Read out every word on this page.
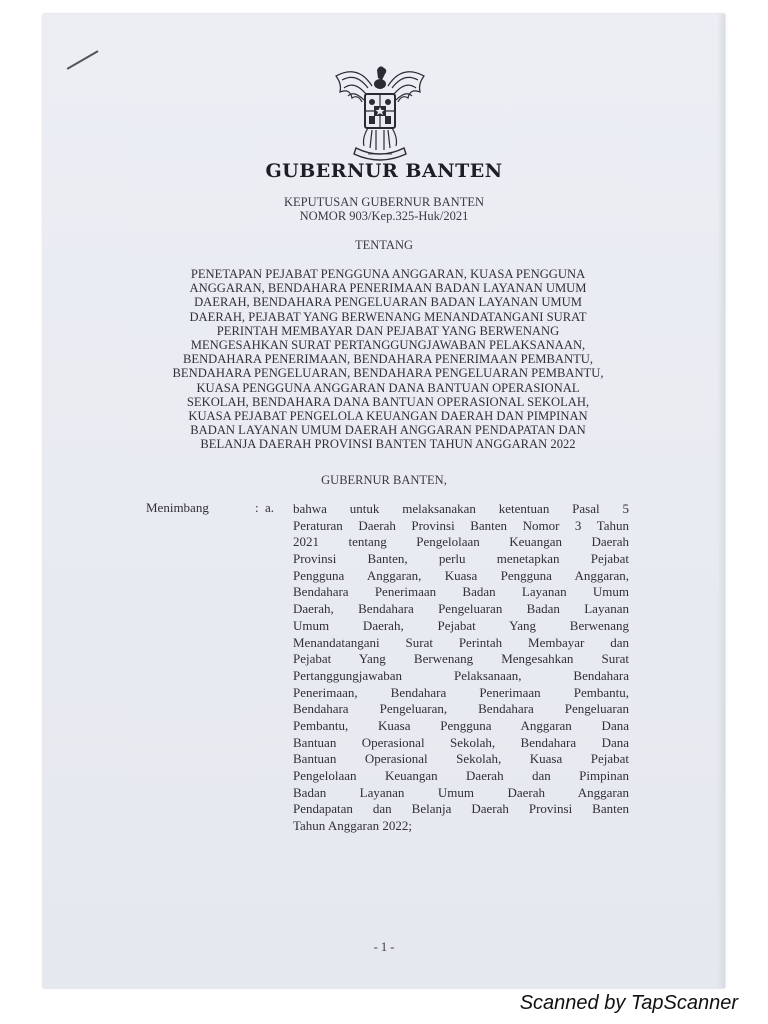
GUBERNUR BANTEN
KEPUTUSAN GUBERNUR BANTEN
NOMOR 903/Kep.325-Huk/2021
TENTANG
PENETAPAN PEJABAT PENGGUNA ANGGARAN, KUASA PENGGUNA
ANGGARAN, BENDAHARA PENERIMAAN BADAN LAYANAN UMUM
DAERAH, BENDAHARA PENGELUARAN BADAN LAYANAN UMUM
DAERAH, PEJABAT YANG BERWENANG MENANDATANGANI SURAT
PERINTAH MEMBAYAR DAN PEJABAT YANG BERWENANG
MENGESAHKAN SURAT PERTANGGUNGJAWABAN PELAKSANAAN,
BENDAHARA PENERIMAAN, BENDAHARA PENERIMAAN PEMBANTU,
BENDAHARA PENGELUARAN, BENDAHARA PENGELUARAN PEMBANTU,
KUASA PENGGUNA ANGGARAN DANA BANTUAN OPERASIONAL
SEKOLAH, BENDAHARA DANA BANTUAN OPERASIONAL SEKOLAH,
KUASA PEJABAT PENGELOLA KEUANGAN DAERAH DAN PIMPINAN
BADAN LAYANAN UMUM DAERAH ANGGARAN PENDAPATAN DAN
BELANJA DAERAH PROVINSI BANTEN TAHUN ANGGARAN 2022
GUBERNUR BANTEN,
Menimbang	: a. bahwa untuk melaksanakan ketentuan Pasal 5
Peraturan Daerah Provinsi Banten Nomor 3 Tahun
2021 tentang Pengelolaan Keuangan Daerah
Provinsi Banten, perlu menetapkan Pejabat
Pengguna Anggaran, Kuasa Pengguna Anggaran,
Bendahara Penerimaan Badan Layanan Umum
Daerah, Bendahara Pengeluaran Badan Layanan
Umum Daerah, Pejabat Yang Berwenang
Menandatangani Surat Perintah Membayar dan
Pejabat Yang Berwenang Mengesahkan Surat
Pertanggungjawaban Pelaksanaan, Bendahara
Penerimaan, Bendahara Penerimaan Pembantu,
Bendahara Pengeluaran, Bendahara Pengeluaran
Pembantu, Kuasa Pengguna Anggaran Dana
Bantuan Operasional Sekolah, Bendahara Dana
Bantuan Operasional Sekolah, Kuasa Pejabat
Pengelolaan Keuangan Daerah dan Pimpinan
Badan Layanan Umum Daerah Anggaran
Pendapatan dan Belanja Daerah Provinsi Banten
Tahun Anggaran 2022;
- 1 -
Scanned by TapScanner
